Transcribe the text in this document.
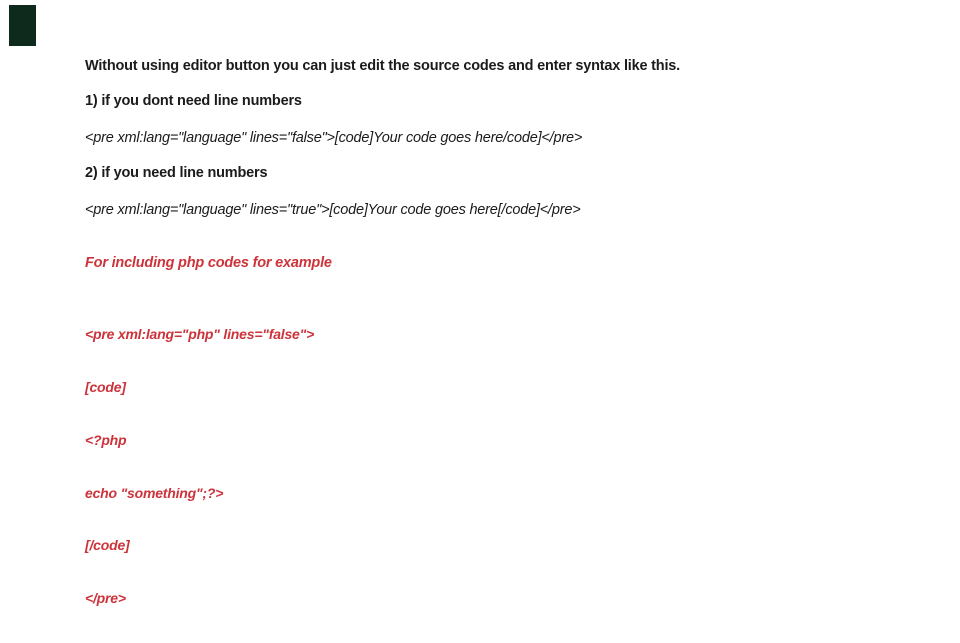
Without using editor button you can just edit the source codes and enter syntax like this.
1) if you dont need line numbers
<pre xml:lang="language" lines="false">[code]Your code goes here/code]</pre>
2) if you need line numbers
<pre xml:lang="language" lines="true">[code]Your code goes here[/code]</pre>
For including php codes for example

<pre xml:lang="php" lines="false">

[code]

<?php

echo "something";?>

[/code]

</pre>
